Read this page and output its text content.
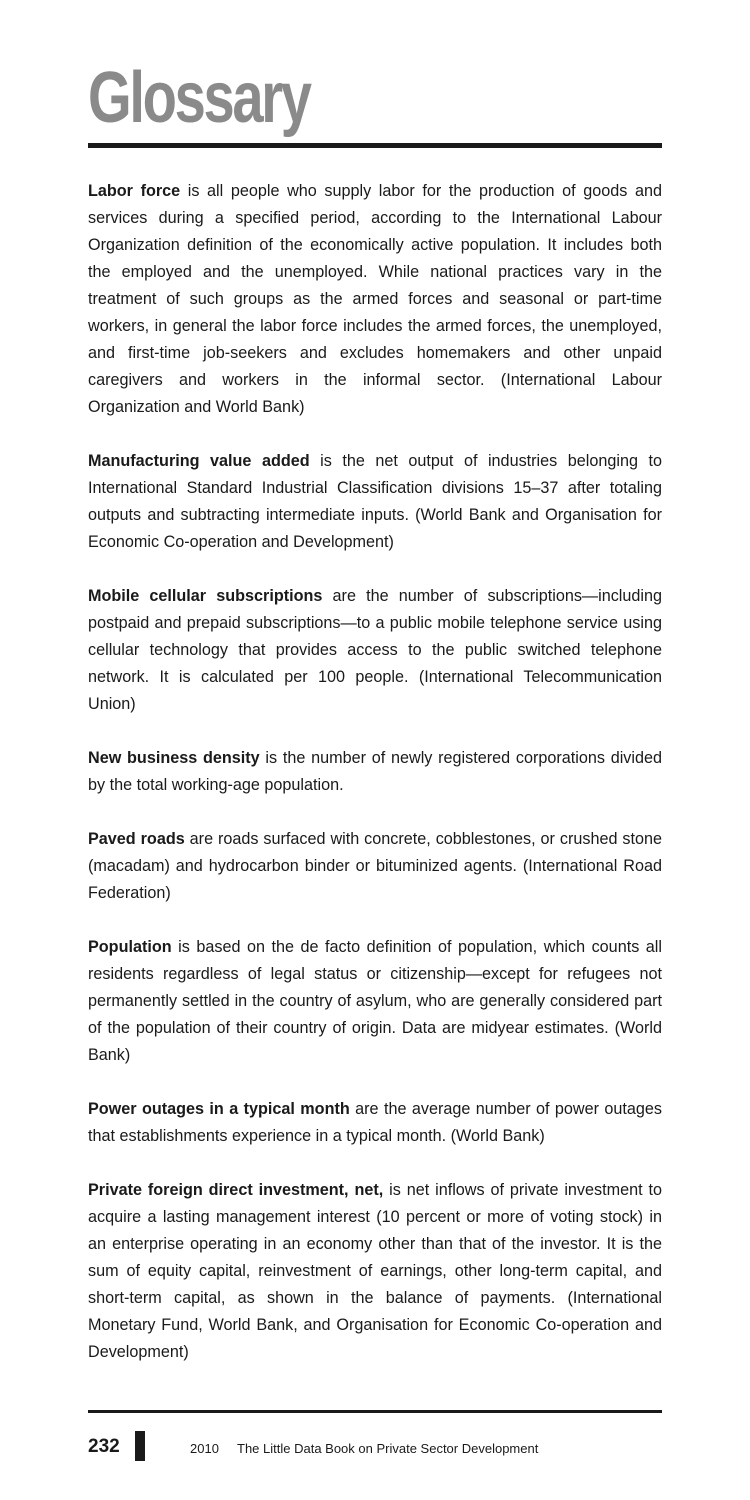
Glossary

Labor force is all people who supply labor for the production of goods and services during a specified period, according to the International Labour Organization definition of the economically active population. It includes both the employed and the unemployed. While national practices vary in the treatment of such groups as the armed forces and seasonal or part-time workers, in general the labor force includes the armed forces, the unemployed, and first-time job-seekers and excludes homemakers and other unpaid caregivers and workers in the informal sector. (International Labour Organization and World Bank)

Manufacturing value added is the net output of industries belonging to International Standard Industrial Classification divisions 15–37 after totaling outputs and subtracting intermediate inputs. (World Bank and Organisation for Economic Co-operation and Development)

Mobile cellular subscriptions are the number of subscriptions—including postpaid and prepaid subscriptions—to a public mobile telephone service using cellular technology that provides access to the public switched telephone network. It is calculated per 100 people. (International Telecommunication Union)

New business density is the number of newly registered corporations divided by the total working-age population.

Paved roads are roads surfaced with concrete, cobblestones, or crushed stone (macadam) and hydrocarbon binder or bituminized agents. (International Road Federation)

Population is based on the de facto definition of population, which counts all residents regardless of legal status or citizenship—except for refugees not permanently settled in the country of asylum, who are generally considered part of the population of their country of origin. Data are midyear estimates. (World Bank)

Power outages in a typical month are the average number of power outages that establishments experience in a typical month. (World Bank)

Private foreign direct investment, net, is net inflows of private investment to acquire a lasting management interest (10 percent or more of voting stock) in an enterprise operating in an economy other than that of the investor. It is the sum of equity capital, reinvestment of earnings, other long-term capital, and short-term capital, as shown in the balance of payments. (International Monetary Fund, World Bank, and Organisation for Economic Co-operation and Development)

232	2010 The Little Data Book on Private Sector Development
